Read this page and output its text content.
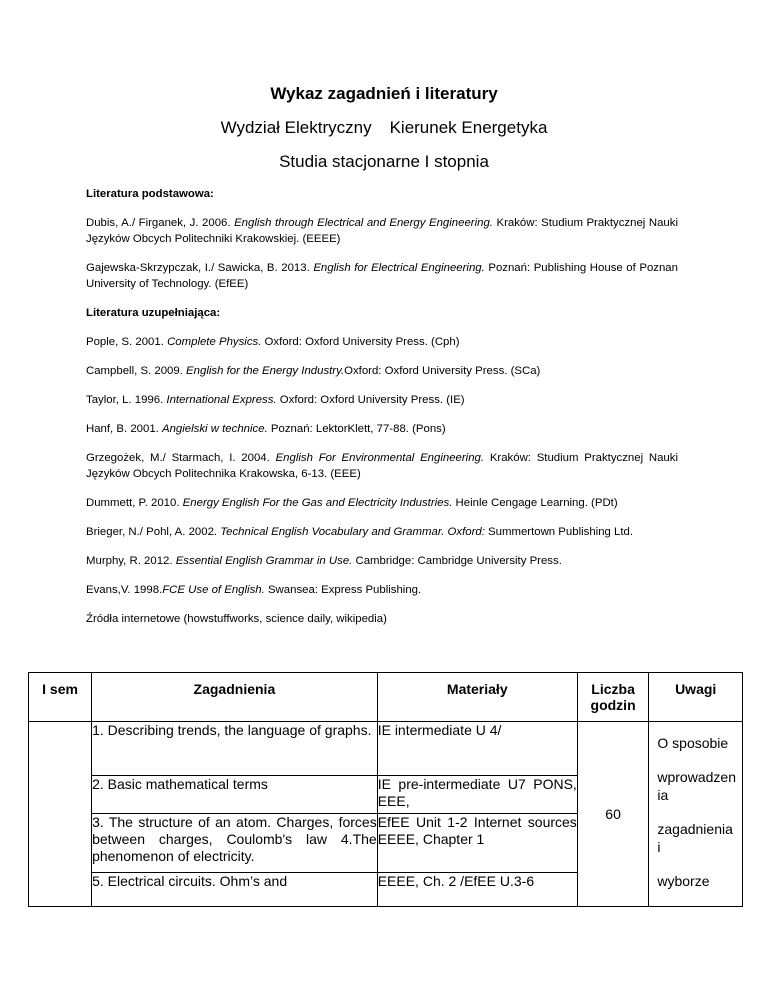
Wykaz zagadnień i literatury
Wydział Elektryczny Kierunek Energetyka
Studia stacjonarne I stopnia

Literatura podstawowa:

Dubis, A./ Firganek, J. 2006. English through Electrical and Energy Engineering. Kraków: Studium Praktycznej Nauki Języków Obcych Politechniki Krakowskiej. (EEEE)

Gajewska-Skrzypczak, I./ Sawicka, B. 2013. English for Electrical Engineering. Poznań: Publishing House of Poznan University of Technology. (EfEE)

Literatura uzupełniająca:

Pople, S. 2001. Complete Physics. Oxford: Oxford University Press. (Cph)

Campbell, S. 2009. English for the Energy Industry.Oxford: Oxford University Press. (SCa)

Taylor, L. 1996. International Express. Oxford: Oxford University Press. (IE)

Hanf, B. 2001. Angielski w technice. Poznań: LektorKlett, 77-88. (Pons)

Grzegożek, M./ Starmach, I. 2004. English For Environmental Engineering. Kraków: Studium Praktycznej Nauki Języków Obcych Politechnika Krakowska, 6-13. (EEE)

Dummett, P. 2010. Energy English For the Gas and Electricity Industries. Heinle Cengage Learning. (PDt)

Brieger, N./ Pohl, A. 2002. Technical English Vocabulary and Grammar. Oxford: Summertown Publishing Ltd.

Murphy, R. 2012. Essential English Grammar in Use. Cambridge: Cambridge University Press.

Evans,V. 1998.FCE Use of English. Swansea: Express Publishing.

Źródła internetowe (howstuffworks, science daily, wikipedia)

I sem	Zagadnienia	Materiały	Liczba godzin	Uwagi
	1. Describing trends, the language of graphs.	IE intermediate U 4/	60	O sposobie
wprowadzen ia
zagadnienia i
wyborze

	2. Basic mathematical terms	IE pre-intermediate U7 PONS, EEE,		
	3. The structure of an atom. Charges, forces between charges, Coulomb's law 4.The phenomenon of electricity.	EfEE Unit 1-2 Internet sources EEEE, Chapter 1		
	5. Electrical circuits. Ohm’s and	EEEE, Ch. 2 /EfEE U.3-6		
